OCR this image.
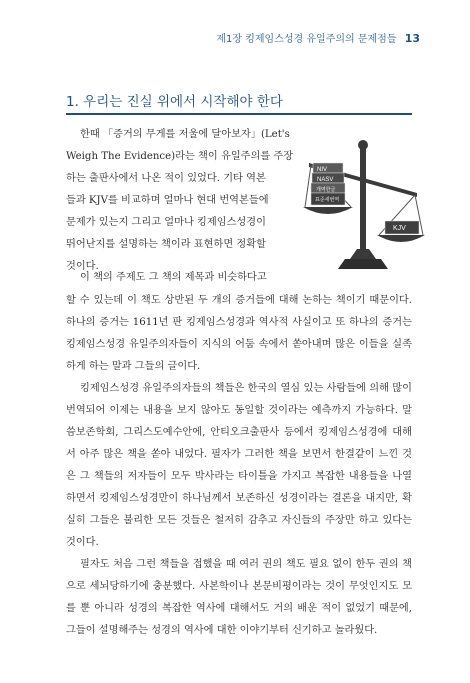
제1장 킹제임스성경 유일주의의 문제점들 13
1. 우리는 진실 위에서 시작해야 한다
NIV
NASV
개역한글
표준새번역
KJV
한때 「증거의 무게를 저울에 달아보자」(Let's
Weigh The Evidence)라는 책이 유일주의를 주장
하는 출판사에서 나온 적이 있었다. 기타 역본
들과 KJV를 비교하며 얼마나 현대 번역본들에
문제가 있는지 그리고 얼마나 킹제임스성경이
뛰어난지를 설명하는 책이라 표현하면 정확할
것이다.
이 책의 주제도 그 책의 제목과 비슷하다고
할 수 있는데 이 책도 상반된 두 개의 증거들에 대해 논하는 책이기 때문이다.
하나의 증거는 1611년 판 킹제임스성경과 역사적 사실이고 또 하나의 증거는
킹제임스성경 유일주의자들이 지식의 어둠 속에서 쏟아내며 많은 이들을 실족
하게 하는 말과 그들의 글이다.
킹제임스성경 유일주의자들의 책들은 한국의 열심 있는 사람들에 의해 많이
번역되어 이제는 내용을 보지 않아도 동일할 것이라는 예측까지 가능하다. 말
씀보존학회, 그리스도예수안에, 안티오크출판사 등에서 킹제임스성경에 대해
서 아주 많은 책을 쏟아 내었다. 필자가 그러한 책을 보면서 한결같이 느낀 것
은 그 책들의 저자들이 모두 박사라는 타이틀을 가지고 복잡한 내용들을 나열
하면서 킹제임스성경만이 하나님께서 보존하신 성경이라는 결론을 내지만, 확
실히 그들은 불리한 모든 것들은 철저히 감추고 자신들의 주장만 하고 있다는
것이다.
필자도 처음 그런 책들을 접했을 때 여러 권의 책도 필요 없이 한두 권의 책
으로 세뇌당하기에 충분했다. 사본학이나 본문비평이라는 것이 무엇인지도 모
를 뿐 아니라 성경의 복잡한 역사에 대해서도 거의 배운 적이 없었기 때문에,
그들이 설명해주는 성경의 역사에 대한 이야기부터 신기하고 놀라웠다.
